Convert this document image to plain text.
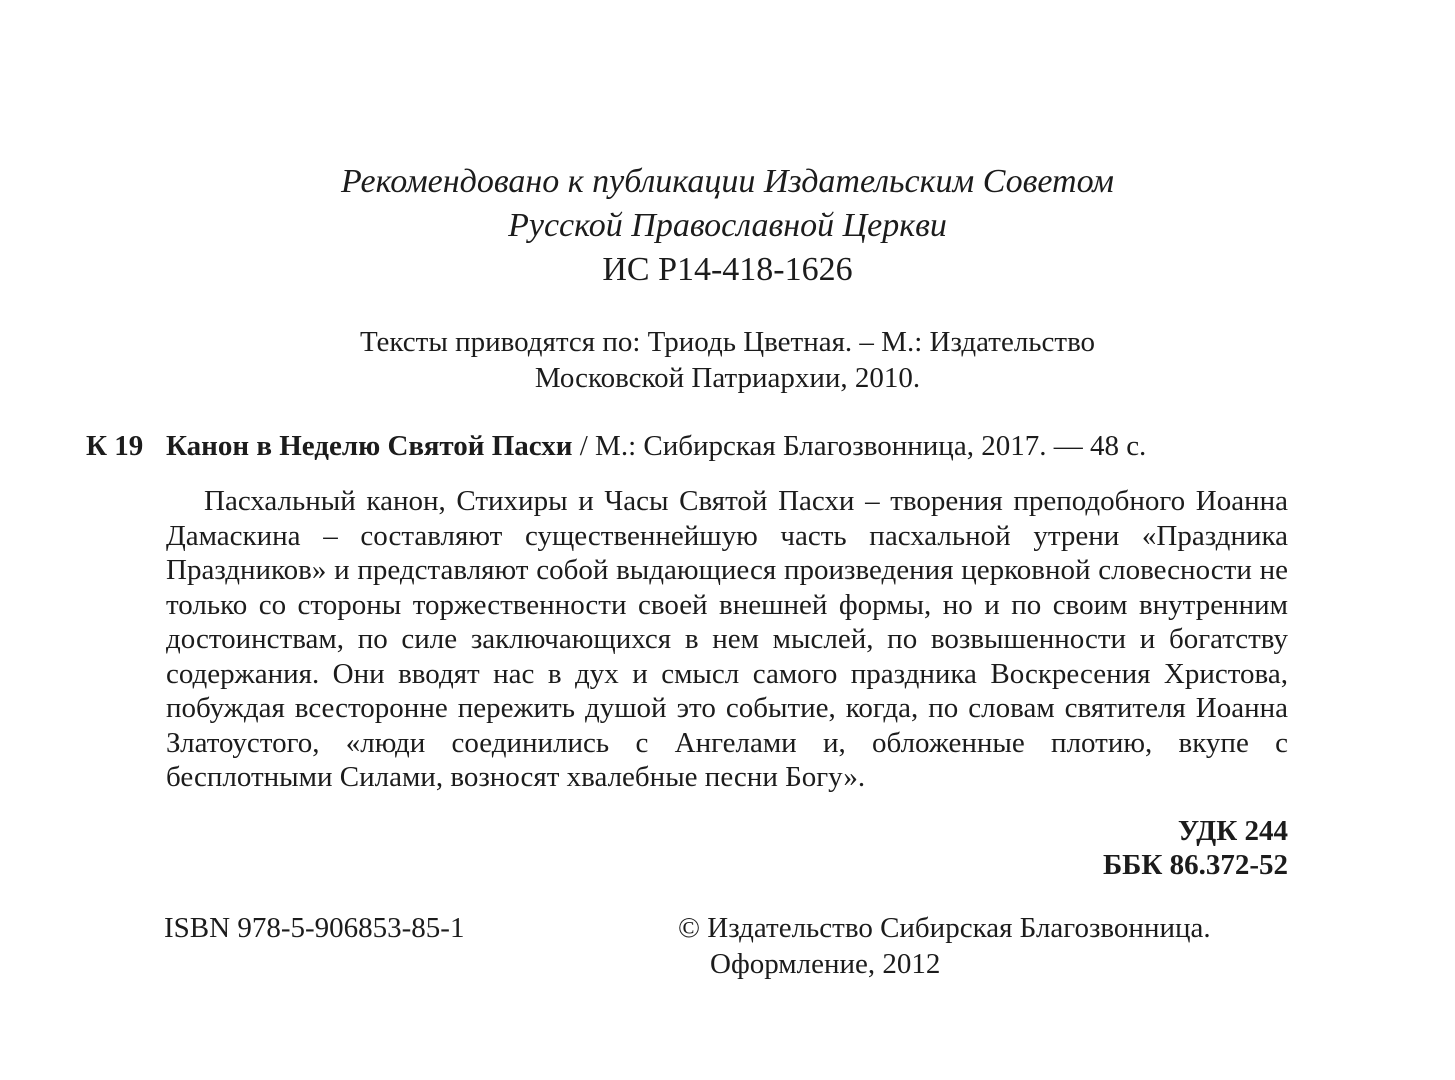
Рекомендовано к публикации Издательским Советом
Русской Православной Церкви
ИС Р14-418-1626
Тексты приводятся по: Триодь Цветная. – М.: Издательство
Московской Патриархии, 2010.
К 19 Канон в Неделю Святой Пасхи / М.: Сибирская Благозвонница, 2017. — 48 с.

Пасхальный канон, Стихиры и Часы Святой Пасхи – творения преподобного Иоанна Дамаскина – составляют существеннейшую часть пасхальной утрени «Праздника Праздников» и представляют собой выдающиеся произведения церковной словесности не только со стороны торжественности своей внешней формы, но и по своим внутренним достоинствам, по силе заключающихся в нем мыслей, по возвышенности и богатству содержания. Они вводят нас в дух и смысл самого праздника Воскресения Христова, побуждая всесторонне пережить душой это событие, когда, по словам святителя Иоанна Златоустого, «люди соединились с Ангелами и, обложенные плотию, вкупе с бесплотными Силами, возносят хвалебные песни Богу».

УДК 244
ББК 86.372-52
ISBN 978-5-906853-85-1	© Издательство Сибирская Благозвонница.
Оформление, 2012
